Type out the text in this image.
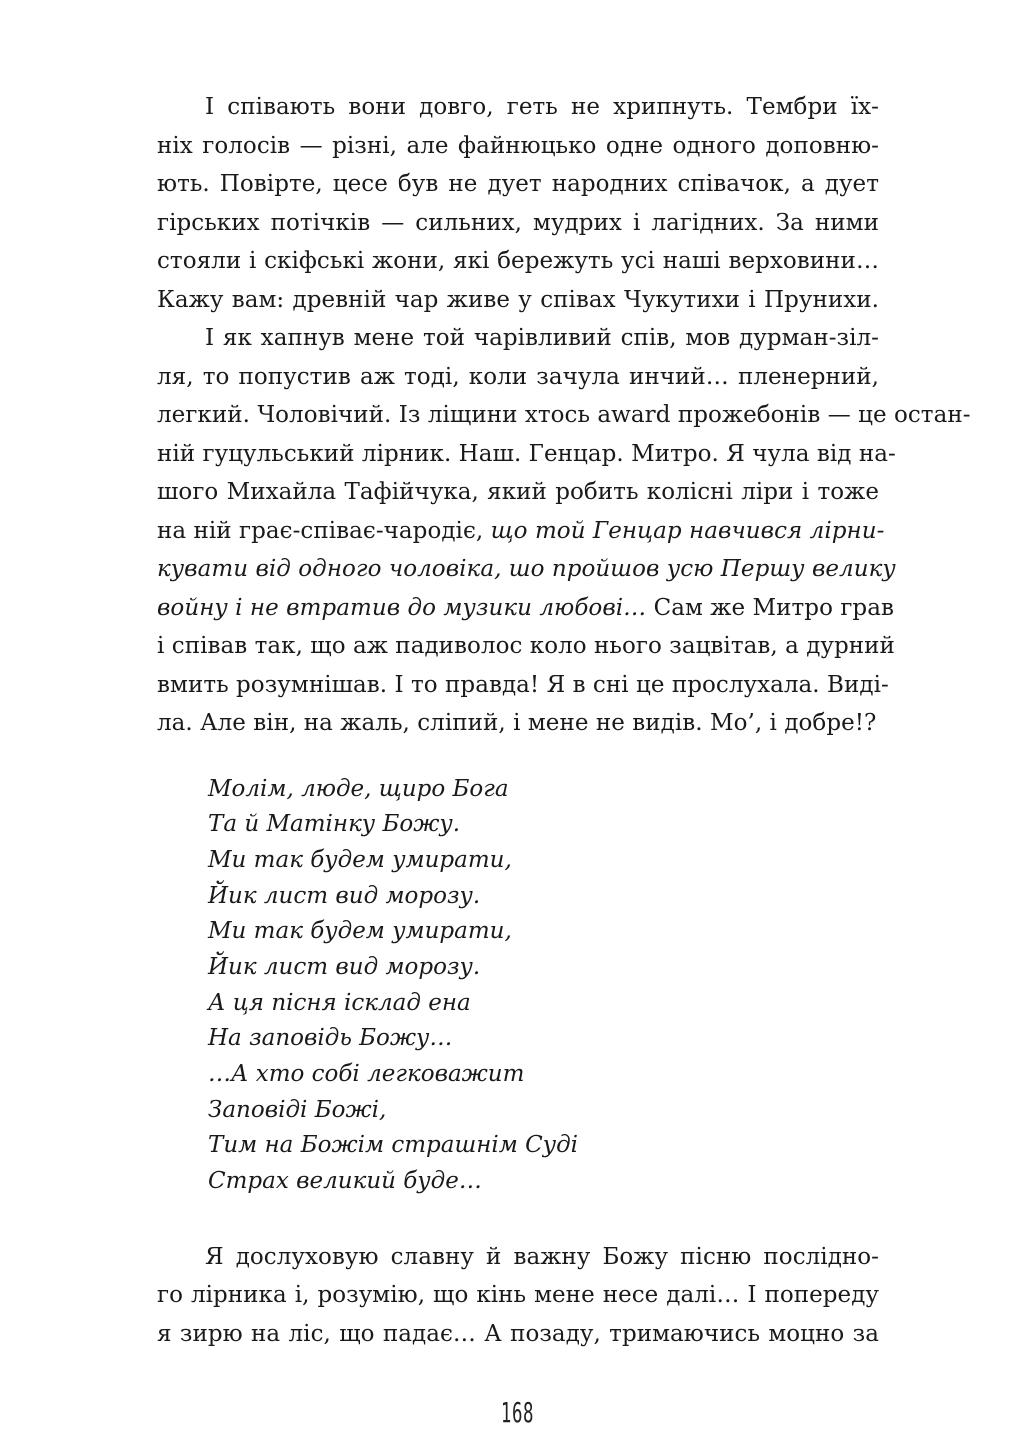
І співають вони довго, геть не хрипнуть. Тембри їх-
ніх голосів — різні, але файнюцько одне одного доповню-
ють. Повірте, цесе був не дует народних співачок, а дует
гірських потічків — сильних, мудрих і лагідних. За ними
стояли і скіфські жони, які бережуть усі наші верховини…
Кажу вам: древній чар живе у співах Чукутихи і Прунихи.
І як хапнув мене той чарівливий спів, мов дурман-зіл-
ля, то попустив аж тоді, коли зачула инчий… пленерний,
легкий. Чоловічий. Із ліщини хтось award прожебонів — це остан-
ній гуцульський лірник. Наш. Генцар. Митро. Я чула від на-
шого Михайла Тафійчука, який робить колісні ліри і тоже
на ній грає-співає-чародіє, що той Генцар навчився лірни-
кувати від одного чоловіка, шо пройшов усю Першу велику
войну і не втратив до музики любові… Сам же Митро грав
і співав так, що аж падиволос коло нього зацвітав, а дурний
вмить розумнішав. І то правда! Я в сні це прослухала. Виді-
ла. Але він, на жаль, сліпий, і мене не видів. Мо’, і добре!?
Молім, люде, щиро Бога
Та й Матінку Божу.
Ми так будем умирати,
Йик лист вид морозу.
Ми так будем умирати,
Йик лист вид морозу.
А ця пісня ісклад ена
На заповідь Божу…
…А хто собі легковажит
Заповіді Божі,
Тим на Божім страшнім Суді
Страх великий буде…
Я дослуховую славну й важну Божу пісню послідно-
го лірника і, розумію, що кінь мене несе далі… І попереду
я зирю на ліс, що падає… А позаду, тримаючись моцно за
168
